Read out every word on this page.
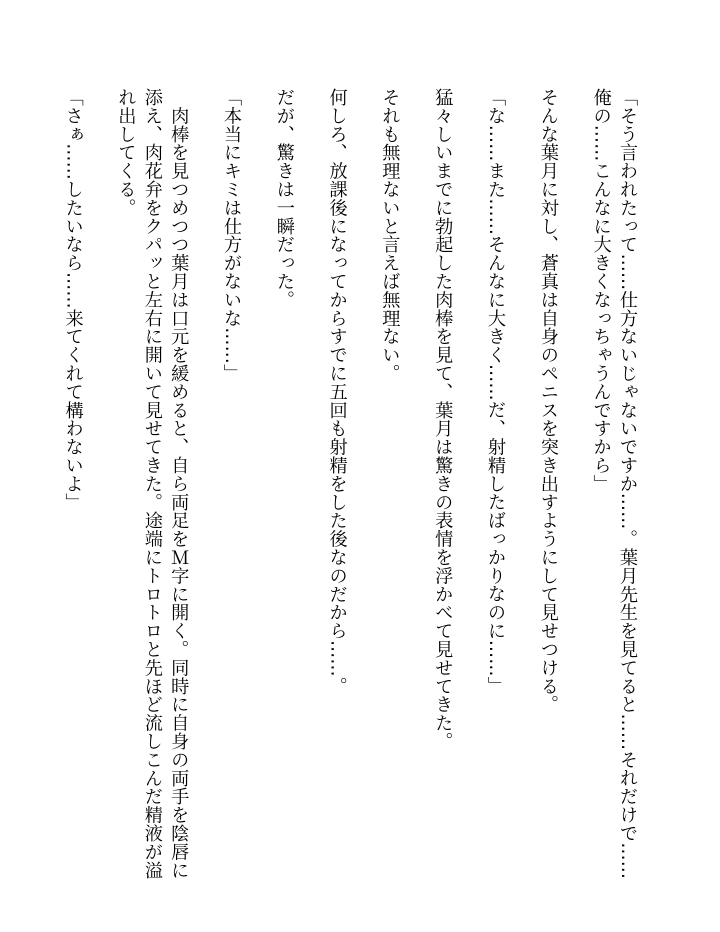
「そう言われたって……仕方ないじゃないですか……。葉月先生を見てると……それだけで……俺の……こんなに大きくなっちゃうんですから」

そんな葉月に対し、蒼真は自身のペニスを突き出すようにして見せつける。

「な……また……そんなに大きく……だ、射精したばっかりなのに……」

猛々しいまでに勃起した肉棒を見て、葉月は驚きの表情を浮かべて見せてきた。

それも無理ないと言えば無理ない。

何しろ、放課後になってからすでに五回も射精をした後なのだから……。

だが、驚きは一瞬だった。

「本当にキミは仕方がないな……」

　肉棒を見つめつつ葉月は口元を緩めると、自ら両足をＭ字に開く。同時に自身の両手を陰唇に添え、肉花弁をクパッと左右に開いて見せてきた。途端にトロトロと先ほど流しこんだ精液が溢れ出してくる。

「さぁ……したいなら……来てくれて構わないよ」
